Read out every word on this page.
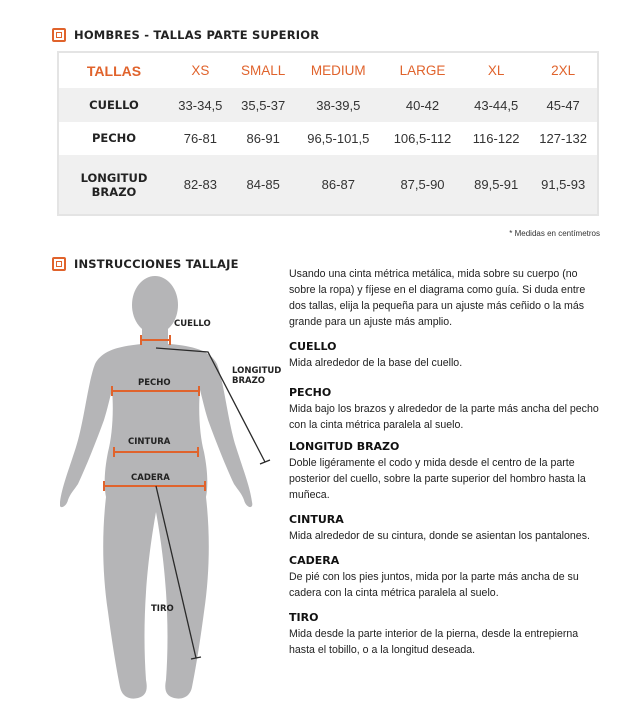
HOMBRES - TALLAS PARTE SUPERIOR
TALLAS	XS	SMALL	MEDIUM	LARGE	XL	2XL
CUELLO	33-34,5	35,5-37	38-39,5	40-42	43-44,5	45-47
PECHO	76-81	86-91	96,5-101,5	106,5-112	116-122	127-132
LONGITUD BRAZO	82-83	84-85	86-87	87,5-90	89,5-91	91,5-93
* Medidas en centímetros
INSTRUCCIONES TALLAJE
CUELLO
LONGITUD
BRAZO
PECHO
CINTURA
CADERA
TIRO

Usando una cinta métrica metálica, mida sobre su cuerpo (no sobre la ropa) y fíjese en el diagrama como guía. Si duda entre dos tallas, elija la pequeña para un ajuste más ceñido o la más grande para un ajuste más amplio.

CUELLO

Mida alrededor de la base del cuello.

PECHO

Mida bajo los brazos y alrededor de la parte más ancha del pecho con la cinta métrica paralela al suelo.

LONGITUD BRAZO

Doble ligéramente el codo y mida desde el centro de la parte posterior del cuello, sobre la parte superior del hombro hasta la muñeca.

CINTURA

Mida alrededor de su cintura, donde se asientan los pantalones.

CADERA

De pié con los pies juntos, mida por la parte más ancha de su cadera con la cinta métrica paralela al suelo.

TIRO

Mida desde la parte interior de la pierna, desde la entrepierna hasta el tobillo, o a la longitud deseada.
